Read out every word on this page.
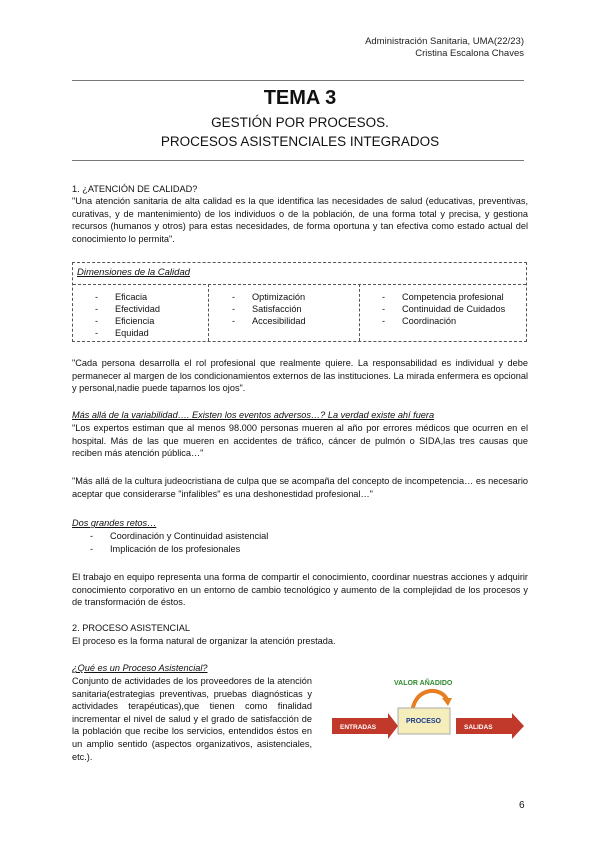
Administración Sanitaria, UMA(22/23)
Cristina Escalona Chaves
TEMA 3
GESTIÓN POR PROCESOS.
PROCESOS ASISTENCIALES INTEGRADOS
1. ¿ATENCIÓN DE CALIDAD?
"Una atención sanitaria de alta calidad es la que identifica las necesidades de salud (educativas, preventivas, curativas, y de mantenimiento) de los individuos o de la población, de una forma total y precisa, y gestiona recursos (humanos y otros) para estas necesidades, de forma oportuna y tan efectiva como estado actual del conocimiento lo permita".
Dimensiones de la Calidad
- Eficacia
- Efectividad
- Eficiencia
- Equidad
- Optimización
- Satisfacción
- Accesibilidad
- Competencia profesional
- Continuidad de Cuidados
- Coordinación
"Cada persona desarrolla el rol profesional que realmente quiere. La responsabilidad es individual y debe permanecer al margen de los condicionamientos externos de las instituciones. La mirada enfermera es opcional y personal,nadie puede taparnos los ojos".
Más allá de la variabilidad…. Existen los eventos adversos…? La verdad existe ahí fuera
"Los expertos estiman que al menos 98.000 personas mueren al año por errores médicos que ocurren en el hospital. Más de las que mueren en accidentes de tráfico, cáncer de pulmón o SIDA,las tres causas que reciben más atención pública…"
"Más allá de la cultura judeocristiana de culpa que se acompaña del concepto de incompetencia… es necesario aceptar que considerarse "infalibles" es una deshonestidad profesional…"
Dos grandes retos…
- Coordinación y Continuidad asistencial
- Implicación de los profesionales
El trabajo en equipo representa una forma de compartir el conocimiento, coordinar nuestras acciones y adquirir conocimiento corporativo en un entorno de cambio tecnológico y aumento de la complejidad de los procesos y de transformación de éstos.
2. PROCESO ASISTENCIAL
El proceso es la forma natural de organizar la atención prestada.
¿Qué es un Proceso Asistencial?
Conjunto de actividades de los proveedores de la atención sanitaria(estrategias preventivas, pruebas diagnósticas y actividades terapéuticas),que tienen como finalidad incrementar el nivel de salud y el grado de satisfacción de la población que recibe los servicios, entendidos éstos en un amplio sentido (aspectos organizativos, asistenciales, etc.).
VALOR AÑADIDO
ENTRADAS
PROCESO
SALIDAS
6
